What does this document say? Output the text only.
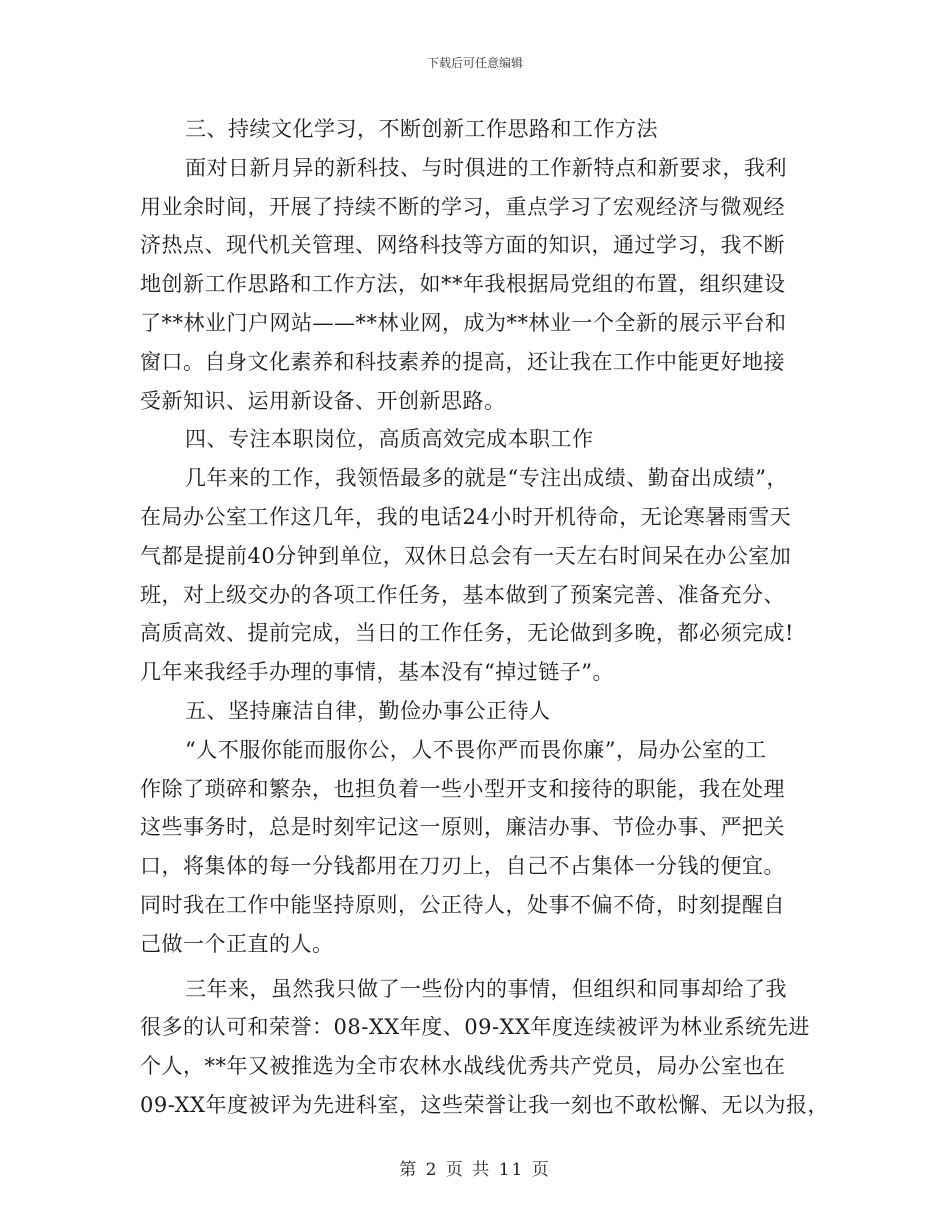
下载后可任意编辑
三、持续文化学习，不断创新工作思路和工作方法
面对日新月异的新科技、与时俱进的工作新特点和新要求，我利
用业余时间，开展了持续不断的学习，重点学习了宏观经济与微观经
济热点、现代机关管理、网络科技等方面的知识，通过学习，我不断
地创新工作思路和工作方法，如**年我根据局党组的布置，组织建设
了**林业门户网站——**林业网，成为**林业一个全新的展示平台和
窗口。自身文化素养和科技素养的提高，还让我在工作中能更好地接
受新知识、运用新设备、开创新思路。
四、专注本职岗位，高质高效完成本职工作
几年来的工作，我领悟最多的就是“专注出成绩、勤奋出成绩”，
在局办公室工作这几年，我的电话24小时开机待命，无论寒暑雨雪天
气都是提前40分钟到单位，双休日总会有一天左右时间呆在办公室加
班，对上级交办的各项工作任务，基本做到了预案完善、准备充分、
高质高效、提前完成，当日的工作任务，无论做到多晚，都必须完成!
几年来我经手办理的事情，基本没有“掉过链子”。
五、坚持廉洁自律，勤俭办事公正待人
“人不服你能而服你公，人不畏你严而畏你廉”，局办公室的工
作除了琐碎和繁杂，也担负着一些小型开支和接待的职能，我在处理
这些事务时，总是时刻牢记这一原则，廉洁办事、节俭办事、严把关
口，将集体的每一分钱都用在刀刃上，自己不占集体一分钱的便宜。
同时我在工作中能坚持原则，公正待人，处事不偏不倚，时刻提醒自
己做一个正直的人。
三年来，虽然我只做了一些份内的事情，但组织和同事却给了我
很多的认可和荣誉：08-XX年度、09-XX年度连续被评为林业系统先进
个人，**年又被推选为全市农林水战线优秀共产党员，局办公室也在
09-XX年度被评为先进科室，这些荣誉让我一刻也不敢松懈、无以为报，
第 2 页 共 11 页
